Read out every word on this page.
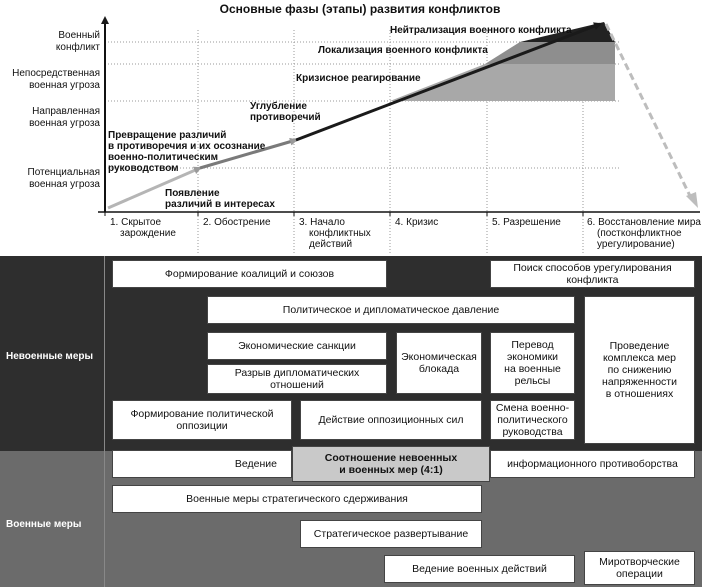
Основные фазы (этапы) развития конфликтов
Военный
конфликт
Непосредственная
военная угроза
Направленная
военная угроза
Потенциальная
военная угроза
Появление
различий в интересах
Превращение различий
в противоречия и их осознание
военно-политическим
руководством
Углубление
противоречий
Кризисное реагирование
Локализация военного конфликта
Нейтрализация военного конфликта
1. Скрытое
зарождение
2. Обострение	3. Начало
конфликтных
действий
4. Кризис	5. Разрешение	6. Восстановление мира
(постконфликтное
урегулирование)
Невоенные меры
Военные меры
Формирование коалиций и союзов	Поиск способов урегулирования
конфликта
Политическое и дипломатическое давление
Экономические санкции
Разрыв дипломатических
отношений
Экономическая
блокада
Перевод
экономики
на военные
рельсы
Проведение
комплекса мер
по снижению
напряженности
в отношениях
Формирование политической
оппозиции	Действие оппозиционных сил
Смена военно-
политического
руководства
Ведение	Соотношение невоенных
и военных мер (4:1)	информационного противоборства
Военные меры стратегического сдерживания
Стратегическое развертывание
Ведение военных действий
Миротворческие
операции
